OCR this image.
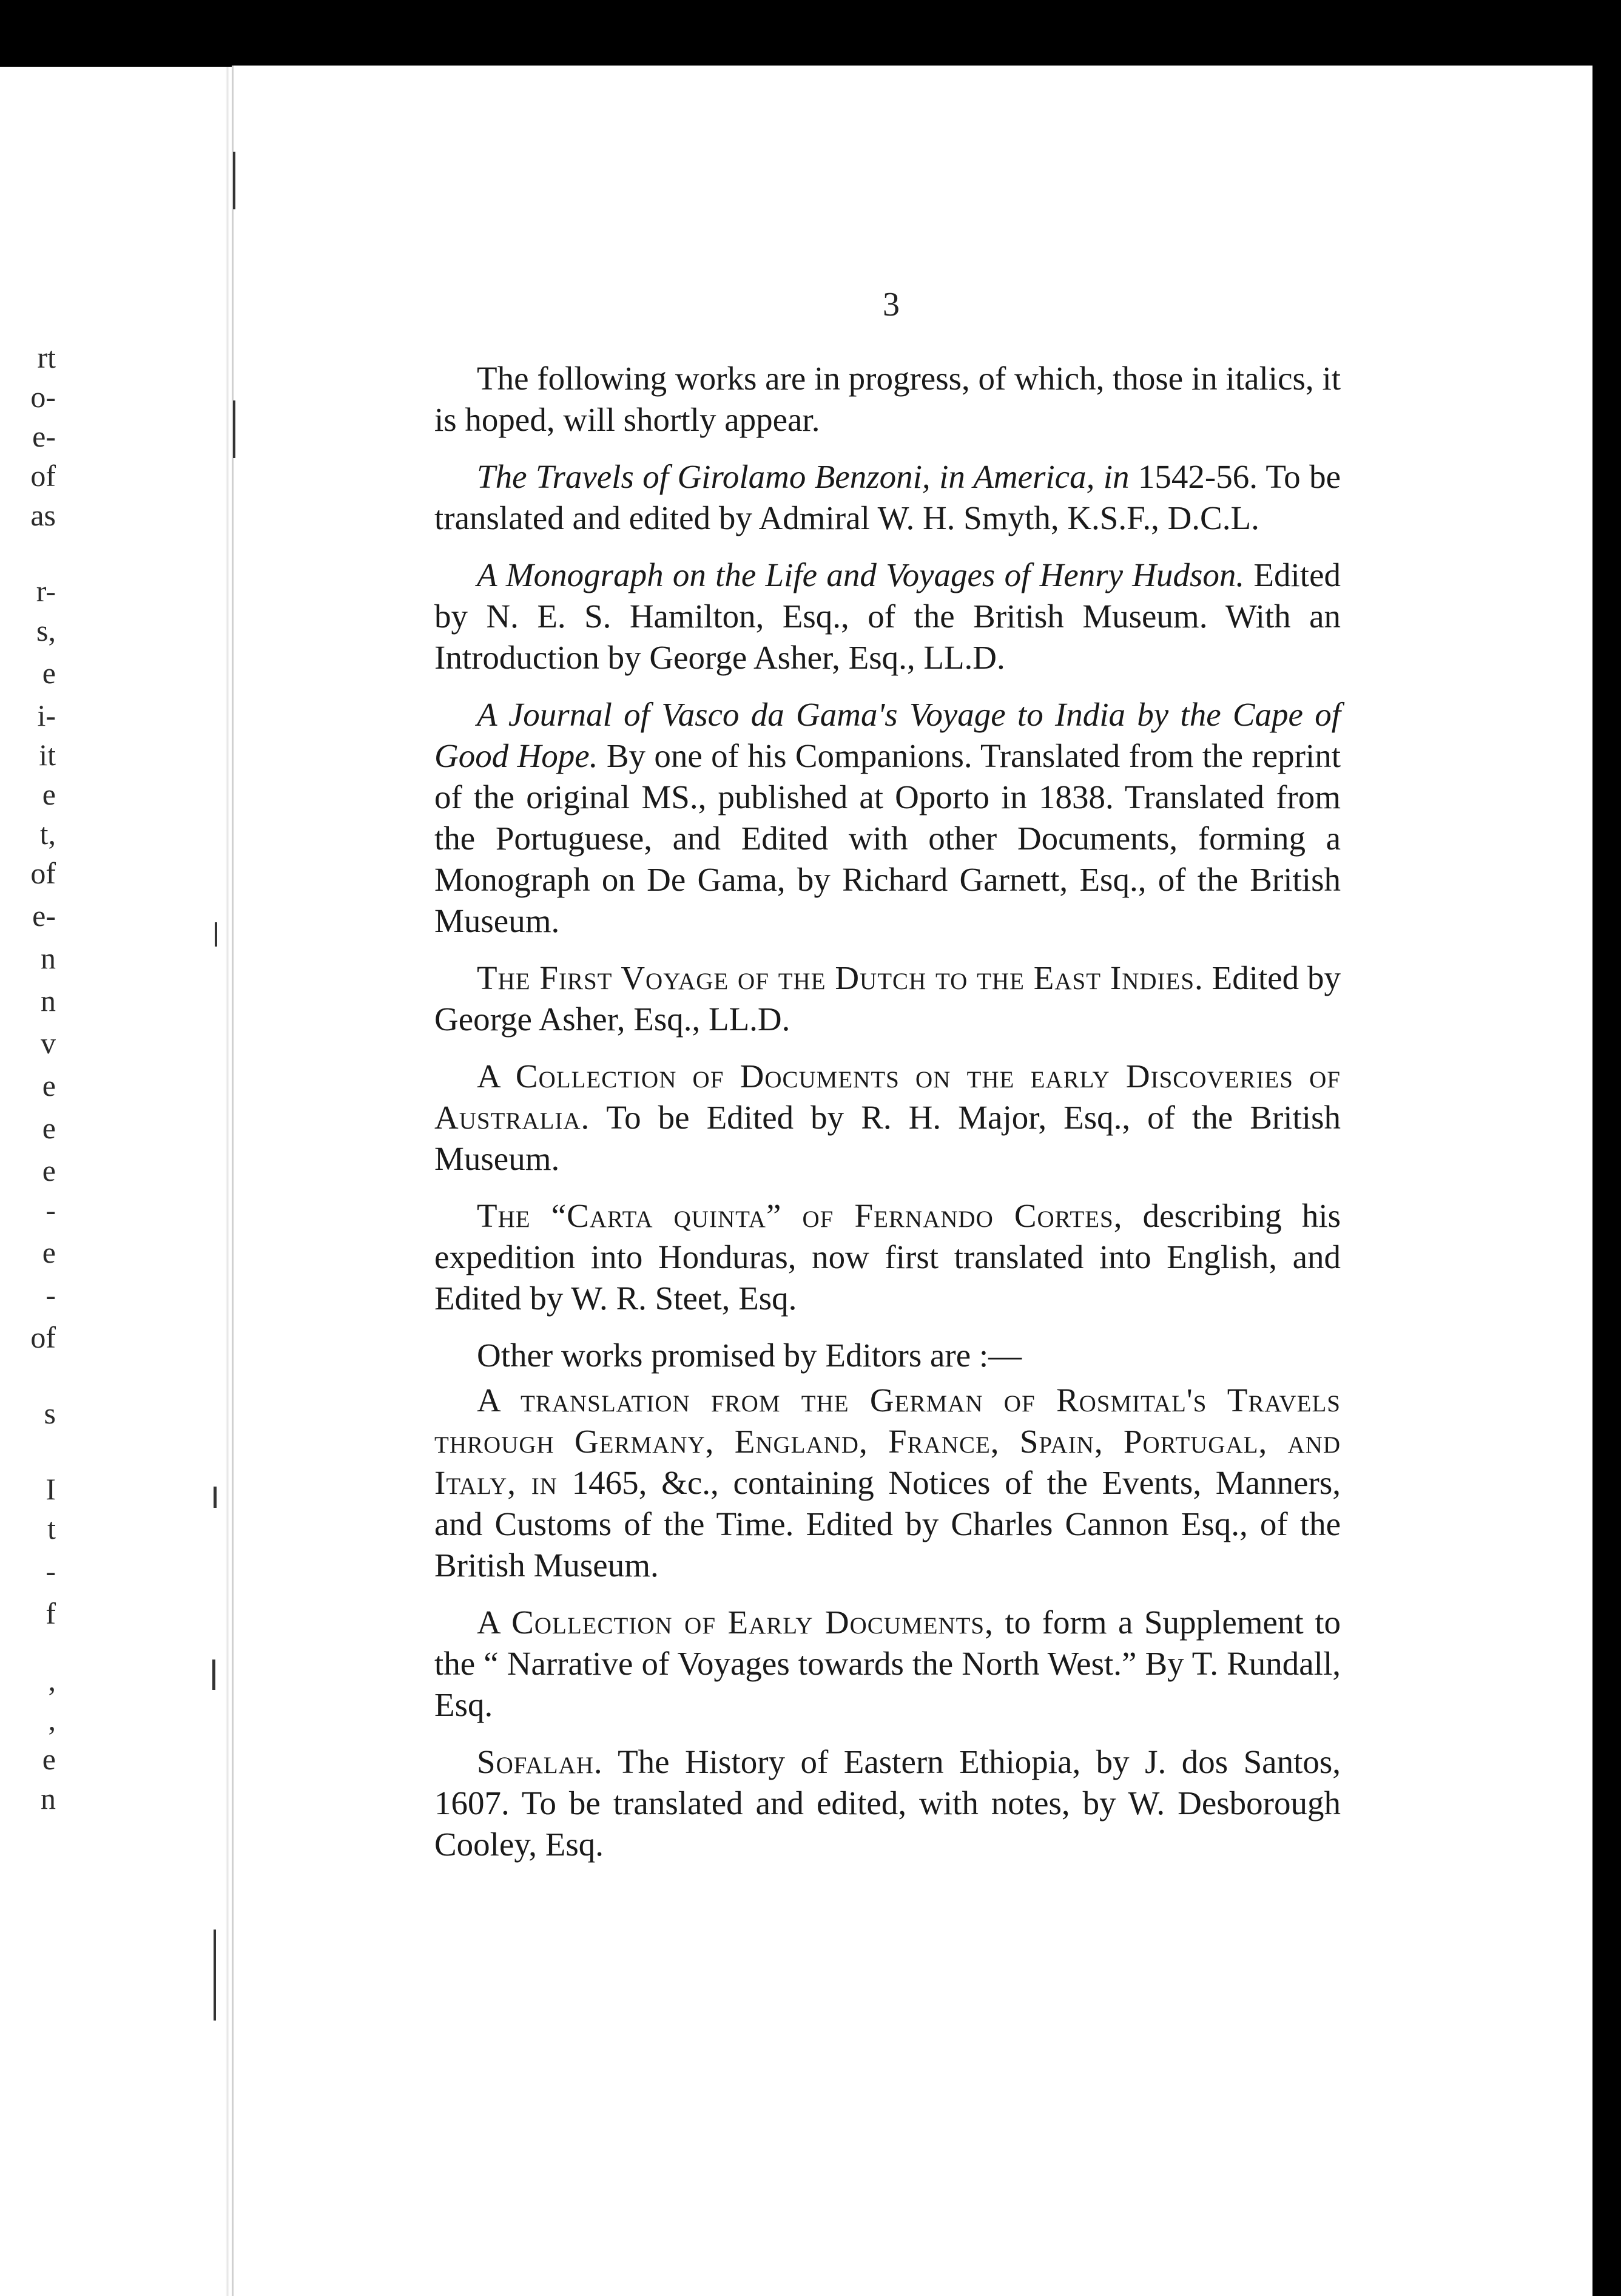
rt
o-
e-
of
as
r-
s,
e
i-
it
e
t,
of
e-
n
n
v
e
e
e
-
e
-
of
s
I
t
-
f
,
,
e
n
3

The following works are in progress, of which, those in italics, it is hoped, will shortly appear.

The Travels of Girolamo Benzoni, in America, in 1542-56. To be translated and edited by Admiral W. H. Smyth, K.S.F., D.C.L.

A Monograph on the Life and Voyages of Henry Hudson. Edited by N. E. S. Hamilton, Esq., of the British Museum. With an Introduction by George Asher, Esq., LL.D.

A Journal of Vasco da Gama's Voyage to India by the Cape of Good Hope. By one of his Companions. Translated from the reprint of the original MS., published at Oporto in 1838. Translated from the Portuguese, and Edited with other Documents, forming a Monograph on De Gama, by Richard Garnett, Esq., of the British Museum.

The First Voyage of the Dutch to the East Indies. Edited by George Asher, Esq., LL.D.

A Collection of Documents on the early Discoveries of Australia. To be Edited by R. H. Major, Esq., of the British Museum.

The “Carta quinta” of Fernando Cortes, describing his expedition into Honduras, now first translated into English, and Edited by W. R. Steet, Esq.

Other works promised by Editors are :—

A translation from the German of Rosmital's Travels through Germany, England, France, Spain, Portugal, and Italy, in 1465, &c., containing Notices of the Events, Manners, and Customs of the Time. Edited by Charles Cannon Esq., of the British Museum.

A Collection of Early Documents, to form a Supplement to the “ Narrative of Voyages towards the North West.” By T. Rundall, Esq.

Sofalah. The History of Eastern Ethiopia, by J. dos Santos, 1607. To be translated and edited, with notes, by W. Desborough Cooley, Esq.
